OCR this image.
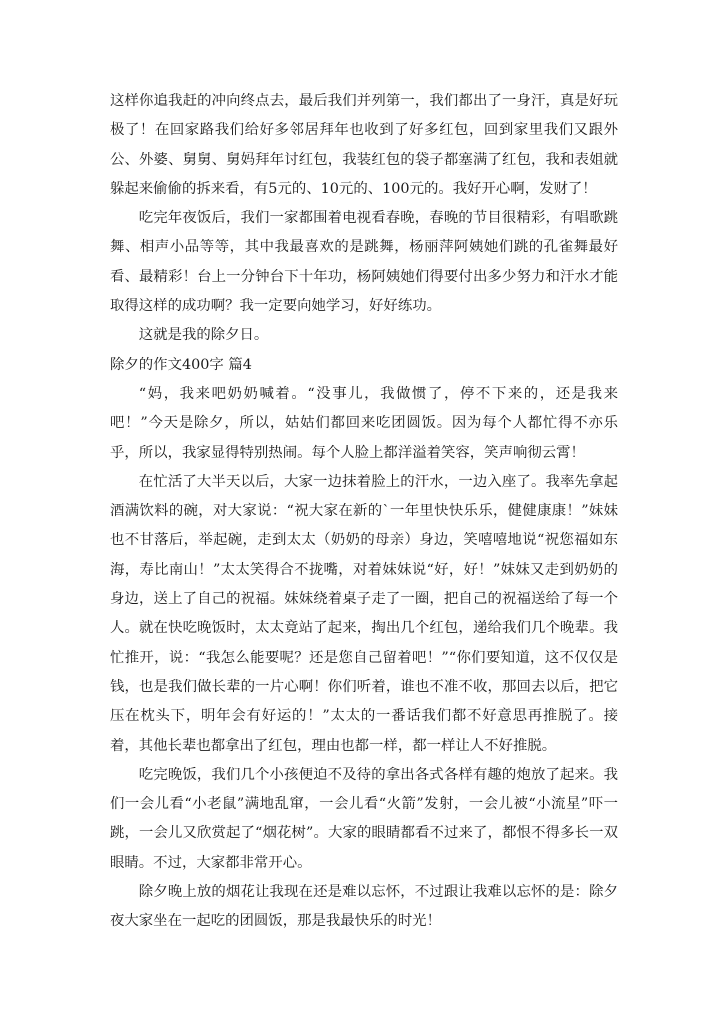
这样你追我赶的冲向终点去，最后我们并列第一，我们都出了一身汗，真是好玩极了！在回家路我们给好多邻居拜年也收到了好多红包，回到家里我们又跟外公、外婆、舅舅、舅妈拜年讨红包，我装红包的袋子都塞满了红包，我和表姐就躲起来偷偷的拆来看，有5元的、10元的、100元的。我好开心啊，发财了！

吃完年夜饭后，我们一家都围着电视看春晚，春晚的节目很精彩，有唱歌跳舞、相声小品等等，其中我最喜欢的是跳舞，杨丽萍阿姨她们跳的孔雀舞最好看、最精彩！台上一分钟台下十年功，杨阿姨她们得要付出多少努力和汗水才能取得这样的成功啊？我一定要向她学习，好好练功。

这就是我的除夕日。

除夕的作文400字 篇4

“妈，我来吧奶奶喊着。“没事儿，我做惯了，停不下来的，还是我来吧！”今天是除夕，所以，姑姑们都回来吃团圆饭。因为每个人都忙得不亦乐乎，所以，我家显得特别热闹。每个人脸上都洋溢着笑容，笑声响彻云霄！

在忙活了大半天以后，大家一边抹着脸上的汗水，一边入座了。我率先拿起酒满饮料的碗，对大家说：“祝大家在新的`一年里快快乐乐，健健康康！”妹妹也不甘落后，举起碗，走到太太（奶奶的母亲）身边，笑嘻嘻地说“祝您福如东海，寿比南山！”太太笑得合不拢嘴，对着妹妹说“好，好！”妹妹又走到奶奶的身边，送上了自己的祝福。妹妹绕着桌子走了一圈，把自己的祝福送给了每一个人。就在快吃晚饭时，太太竟站了起来，掏出几个红包，递给我们几个晚辈。我忙推开，说：“我怎么能要呢？还是您自己留着吧！”“你们要知道，这不仅仅是钱，也是我们做长辈的一片心啊！你们听着，谁也不准不收，那回去以后，把它压在枕头下，明年会有好运的！”太太的一番话我们都不好意思再推脱了。接着，其他长辈也都拿出了红包，理由也都一样，都一样让人不好推脱。

吃完晚饭，我们几个小孩便迫不及待的拿出各式各样有趣的炮放了起来。我们一会儿看“小老鼠”满地乱窜，一会儿看“火箭”发射，一会儿被“小流星”吓一跳，一会儿又欣赏起了“烟花树”。大家的眼睛都看不过来了，都恨不得多长一双眼睛。不过，大家都非常开心。

除夕晚上放的烟花让我现在还是难以忘怀，不过跟让我难以忘怀的是：除夕夜大家坐在一起吃的团圆饭，那是我最快乐的时光！
